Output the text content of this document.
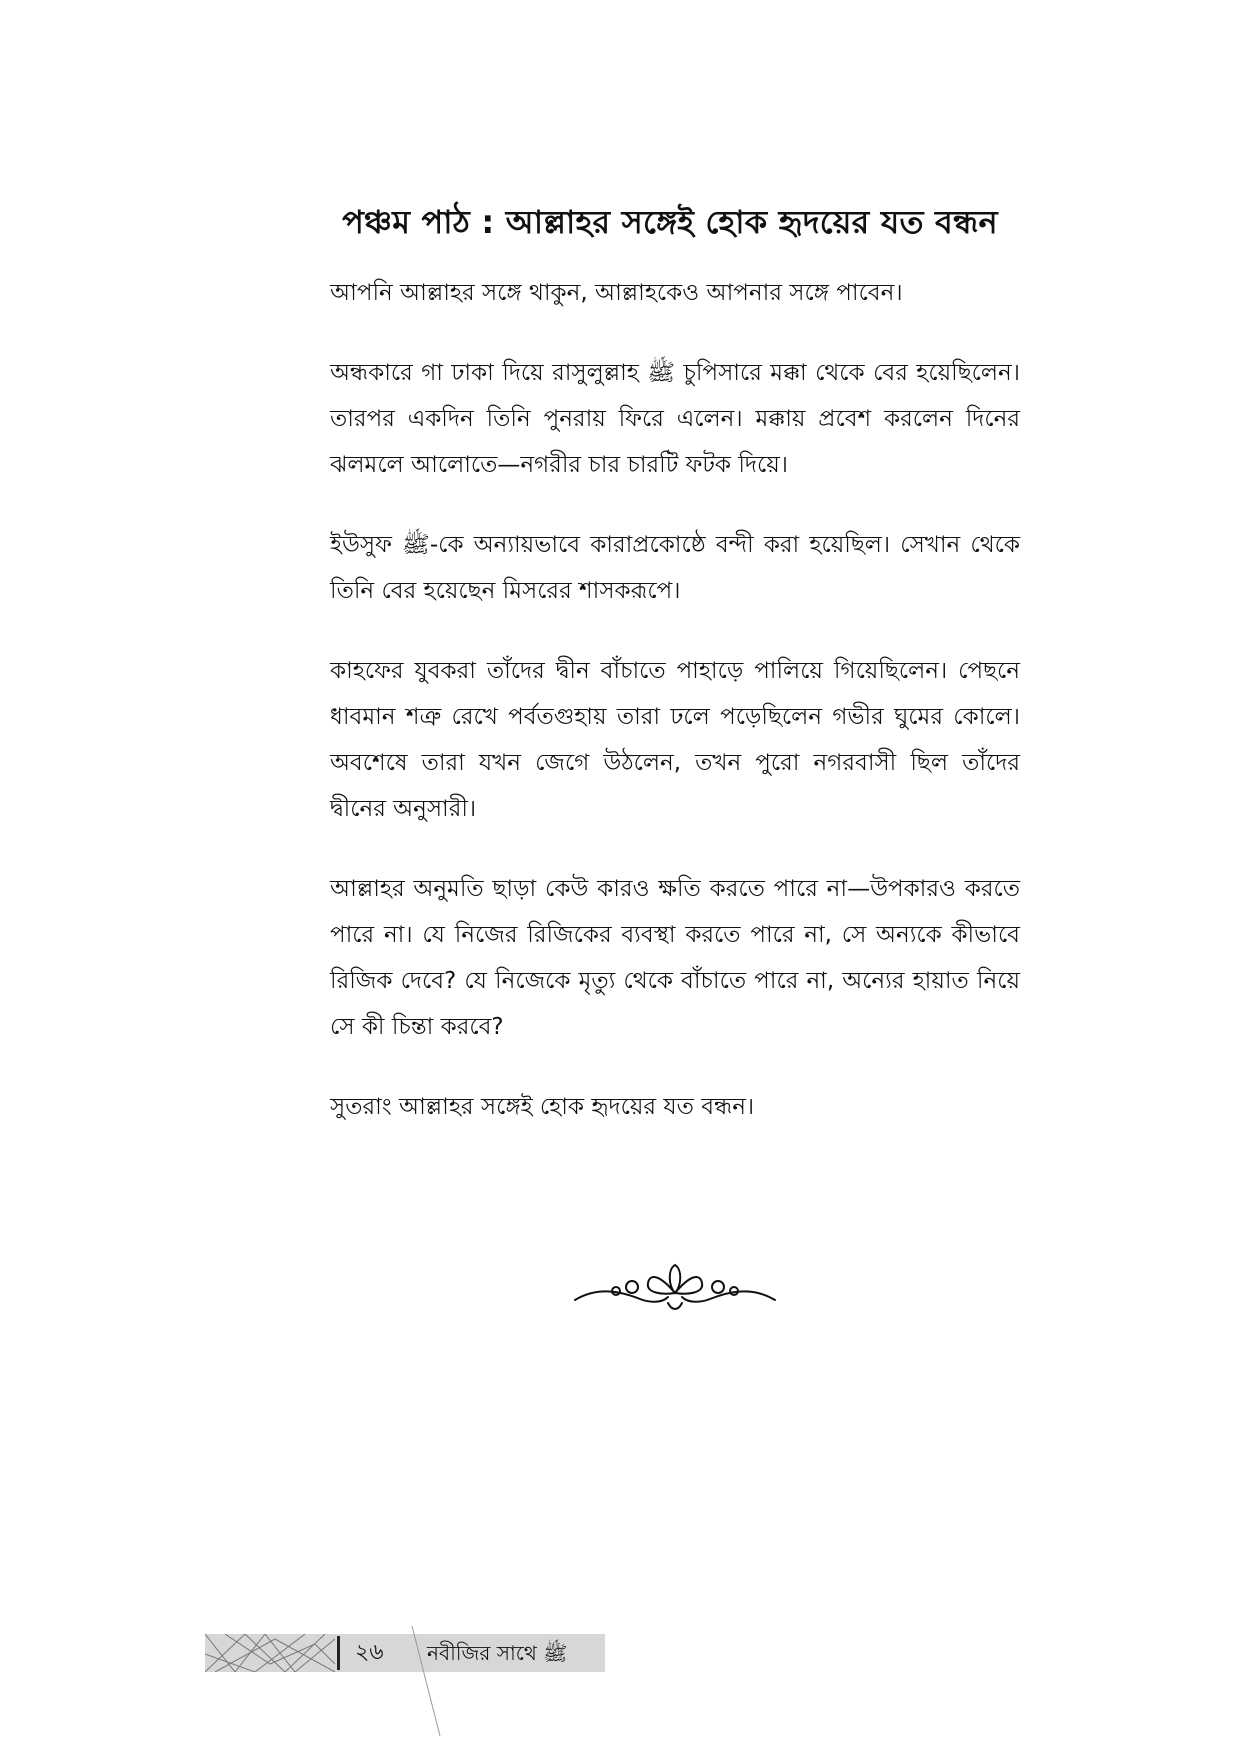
পঞ্চম পাঠ : আল্লাহর সঙ্গেই হোক হৃদয়ের যত বন্ধন

আপনি আল্লাহর সঙ্গে থাকুন, আল্লাহকেও আপনার সঙ্গে পাবেন।

অন্ধকারে গা ঢাকা দিয়ে রাসুলুল্লাহ ﷺ চুপিসারে মক্কা থেকে বের হয়েছিলেন। তারপর একদিন তিনি পুনরায় ফিরে এলেন। মক্কায় প্রবেশ করলেন দিনের ঝলমলে আলোতে—নগরীর চার চারটি ফটক দিয়ে।

ইউসুফ ﷺ-কে অন্যায়ভাবে কারাপ্রকোষ্ঠে বন্দী করা হয়েছিল। সেখান থেকে তিনি বের হয়েছেন মিসরের শাসকরূপে।

কাহফের যুবকরা তাঁদের দ্বীন বাঁচাতে পাহাড়ে পালিয়ে গিয়েছিলেন। পেছনে ধাবমান শত্রু রেখে পর্বতগুহায় তারা ঢলে পড়েছিলেন গভীর ঘুমের কোলে। অবশেষে তারা যখন জেগে উঠলেন, তখন পুরো নগরবাসী ছিল তাঁদের দ্বীনের অনুসারী।

আল্লাহর অনুমতি ছাড়া কেউ কারও ক্ষতি করতে পারে না—উপকারও করতে পারে না। যে নিজের রিজিকের ব্যবস্থা করতে পারে না, সে অন্যকে কীভাবে রিজিক দেবে? যে নিজেকে মৃত্যু থেকে বাঁচাতে পারে না, অন্যের হায়াত নিয়ে সে কী চিন্তা করবে?

সুতরাং আল্লাহর সঙ্গেই হোক হৃদয়ের যত বন্ধন।

২৬ নবীজির সাথে ﷺ
